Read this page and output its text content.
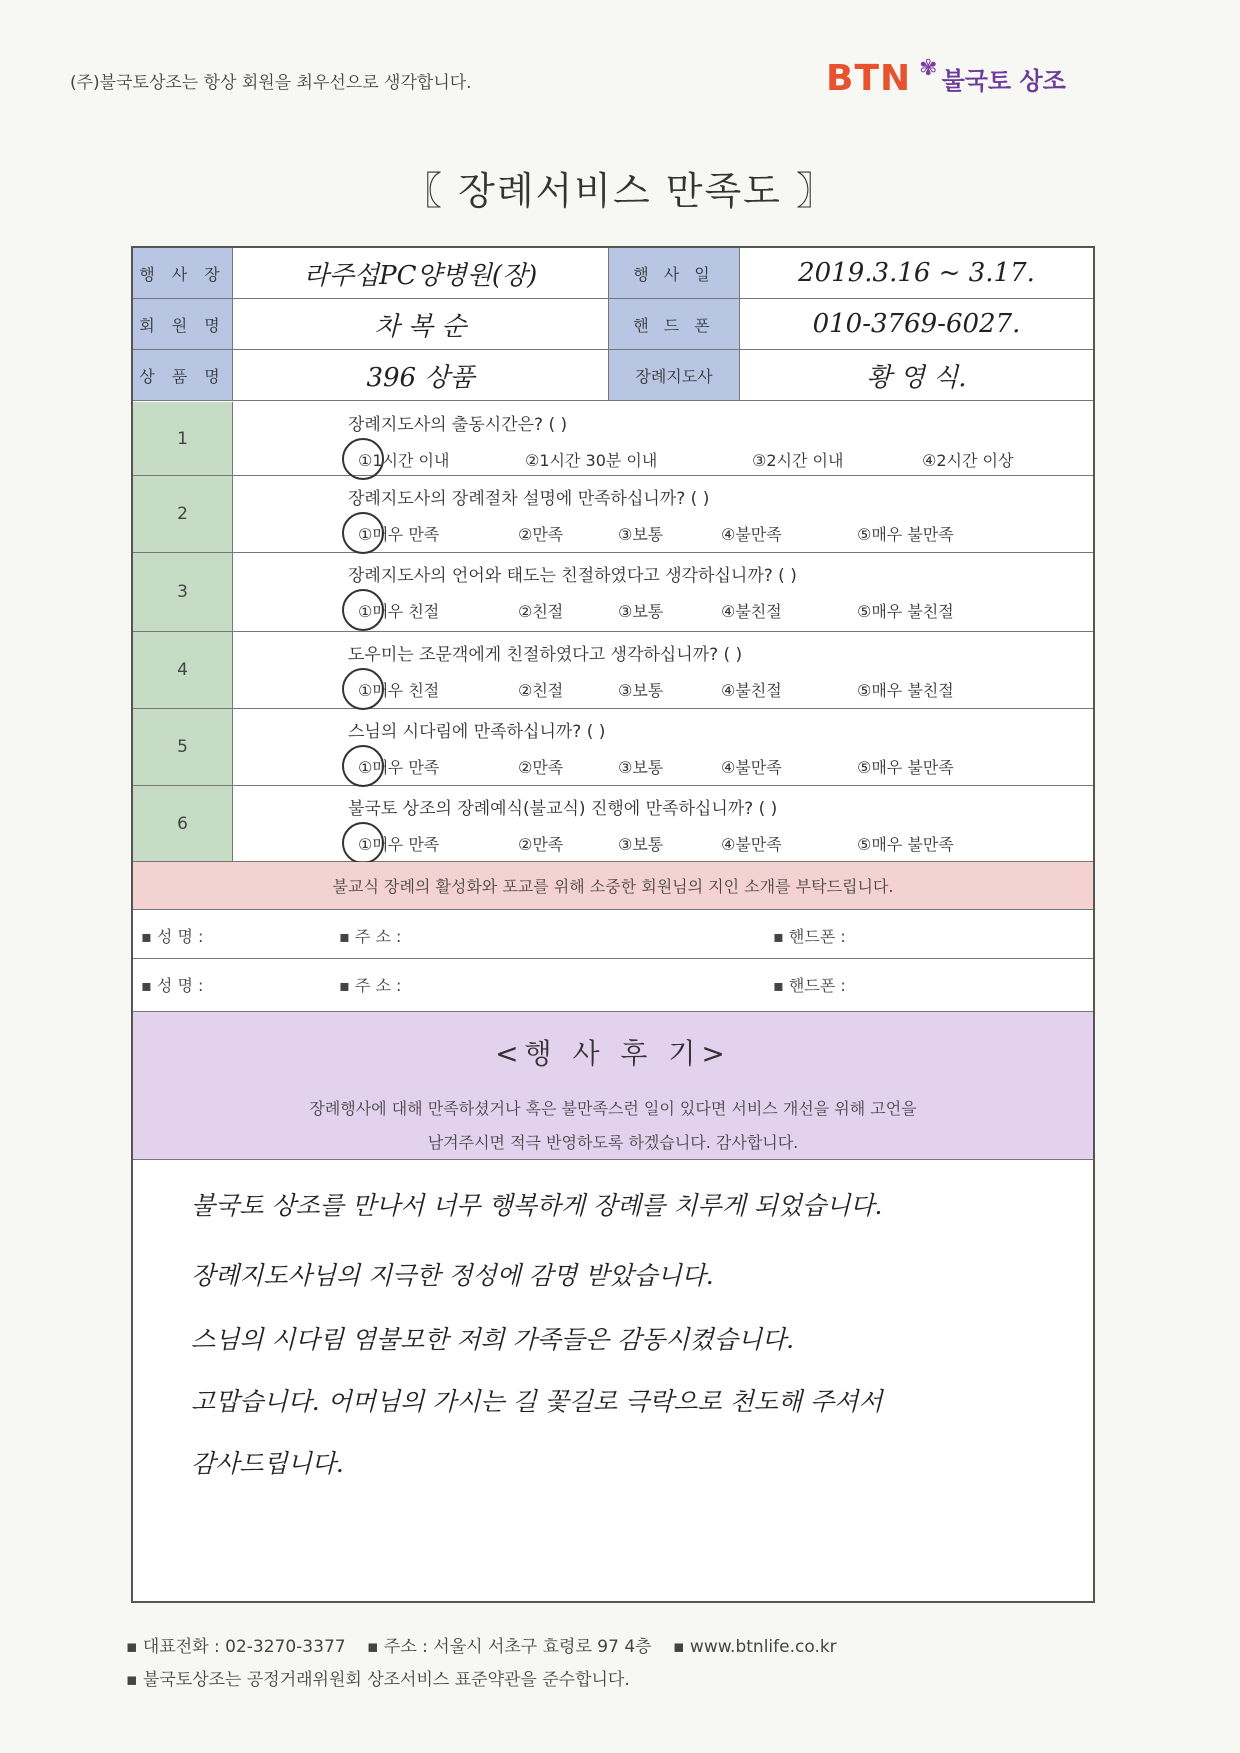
(주)불국토상조는 항상 회원을 최우선으로 생각합니다.	BTN ✾ 불국토 상조
〖 장례서비스 만족도 〗
행 사 장	라주섭PC양병원(장)	행 사 일	2019.3.16 ~ 3.17.
회 원 명	차 복 순	핸 드 폰	010-3769-6027.
상 품 명	396 상품	장례지도사	황 영 식.
1
장례지도사의 출동시간은? ( )
①1시간 이내	②1시간 30분 이내	③2시간 이내	④2시간 이상
2
장례지도사의 장례절차 설명에 만족하십니까? ( )
①매우 만족	②만족	③보통	④불만족	⑤매우 불만족
3
장례지도사의 언어와 태도는 친절하였다고 생각하십니까? ( )
①매우 친절	②친절	③보통	④불친절	⑤매우 불친절
4
도우미는 조문객에게 친절하였다고 생각하십니까? ( )
①매우 친절	②친절	③보통	④불친절	⑤매우 불친절
5
스님의 시다림에 만족하십니까? ( )
①매우 만족	②만족	③보통	④불만족	⑤매우 불만족
6
불국토 상조의 장례예식(불교식) 진행에 만족하십니까? ( )
①매우 만족	②만족	③보통	④불만족	⑤매우 불만족
불교식 장례의 활성화와 포교를 위해 소중한 회원님의 지인 소개를 부탁드립니다.
▪ 성 명 :	▪ 주 소 :	▪ 핸드폰 :
▪ 성 명 :	▪ 주 소 :	▪ 핸드폰 :
<행 사 후 기>
장례행사에 대해 만족하셨거나 혹은 불만족스런 일이 있다면 서비스 개선을 위해 고언을
남겨주시면 적극 반영하도록 하겠습니다. 감사합니다.
불국토 상조를 만나서 너무 행복하게 장례를 치루게 되었습니다.
장례지도사님의 지극한 정성에 감명 받았습니다.
스님의 시다림 염불모한 저희 가족들은 감동시켰습니다.
고맙습니다. 어머님의 가시는 길 꽃길로 극락으로 천도해 주셔서
감사드립니다.
▪ 대표전화 : 02-3270-3377 ▪ 주소 : 서울시 서초구 효령로 97 4층 ▪ www.btnlife.co.kr
▪ 불국토상조는 공정거래위원회 상조서비스 표준약관을 준수합니다.
